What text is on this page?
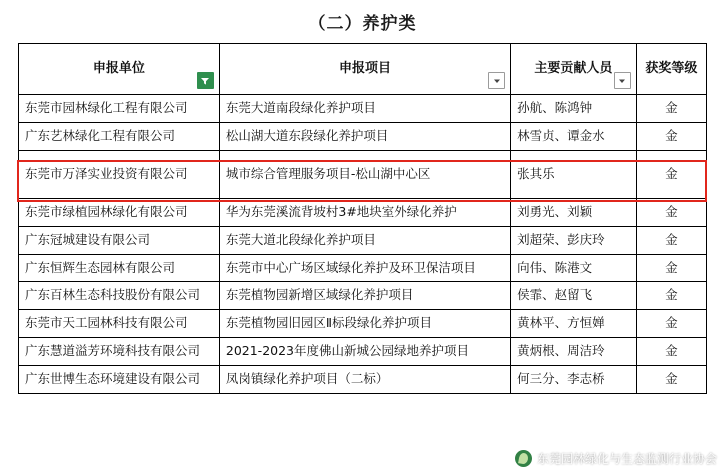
（二）养护类
申报单位	申报项目	主要贡献人员	获奖等级
东莞市园林绿化工程有限公司	东莞大道南段绿化养护项目	孙航、陈鸿钟	金
广东艺林绿化工程有限公司	松山湖大道东段绿化养护项目	林雪贞、谭金水	金
东莞市万泽实业投资有限公司	城市综合管理服务项目-松山湖中心区	张其乐	金
东莞市绿植园林绿化有限公司	华为东莞溪流背坡村3#地块室外绿化养护	刘勇光、刘颖	金
广东冠城建设有限公司	东莞大道北段绿化养护项目	刘超荣、彭庆玲	金
广东恒辉生态园林有限公司	东莞市中心广场区域绿化养护及环卫保洁项目	向伟、陈港文	金
广东百林生态科技股份有限公司	东莞植物园新增区域绿化养护项目	侯霏、赵留飞	金
东莞市天工园林科技有限公司	东莞植物园旧园区Ⅱ标段绿化养护项目	黄林平、方恒婵	金
广东慧道溢芳环境科技有限公司	2021-2023年度佛山新城公园绿地养护项目	黄炳根、周洁玲	金
广东世博生态环境建设有限公司	凤岗镇绿化养护项目（二标）	何三分、李志桥	金
东莞园林绿化与生态监测行业协会
